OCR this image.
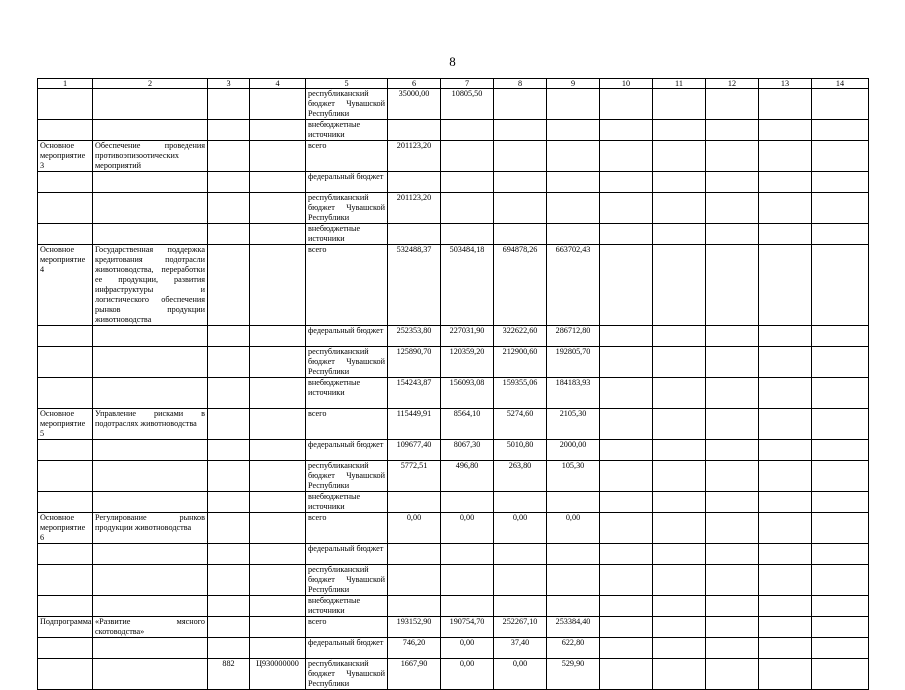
8
1	2	3	4	5	6	7	8	9	10	11	12	13	14
				республиканский бюджет Чувашской Республики	35000,00	10805,50							
				внебюджетные источники									
Основное мероприятие 3	Обеспечение проведения противоэпизоотических мероприятий			всего	201123,20								
				федеральный бюджет									
				республиканский бюджет Чувашской Республики	201123,20								
				внебюджетные источники									
Основное мероприятие 4	Государственная поддержка кредитования подотрасли животноводства, переработки ее продукции, развития инфраструктуры и логистического обеспечения рынков продукции животноводства			всего	532488,37	503484,18	694878,26	663702,43					
				федеральный бюджет	252353,80	227031,90	322622,60	286712,80					
				республиканский бюджет Чувашской Республики	125890,70	120359,20	212900,60	192805,70					
				внебюджетные источники	154243,87	156093,08	159355,06	184183,93					
Основное мероприятие 5	Управление рисками в подотраслях животноводства			всего	115449,91	8564,10	5274,60	2105,30					
				федеральный бюджет	109677,40	8067,30	5010,80	2000,00					
				республиканский бюджет Чувашской Республики	5772,51	496,80	263,80	105,30					
				внебюджетные источники									
Основное мероприятие 6	Регулирование рынков продукции животноводства			всего	0,00	0,00	0,00	0,00					
				федеральный бюджет									
				республиканский бюджет Чувашской Республики									
				внебюджетные источники									
Подпрограмма	«Развитие мясного скотоводства»			всего	193152,90	190754,70	252267,10	253384,40					
				федеральный бюджет	746,20	0,00	37,40	622,80					
		882	Ц930000000	республиканский бюджет Чувашской Республики	1667,90	0,00	0,00	529,90					
